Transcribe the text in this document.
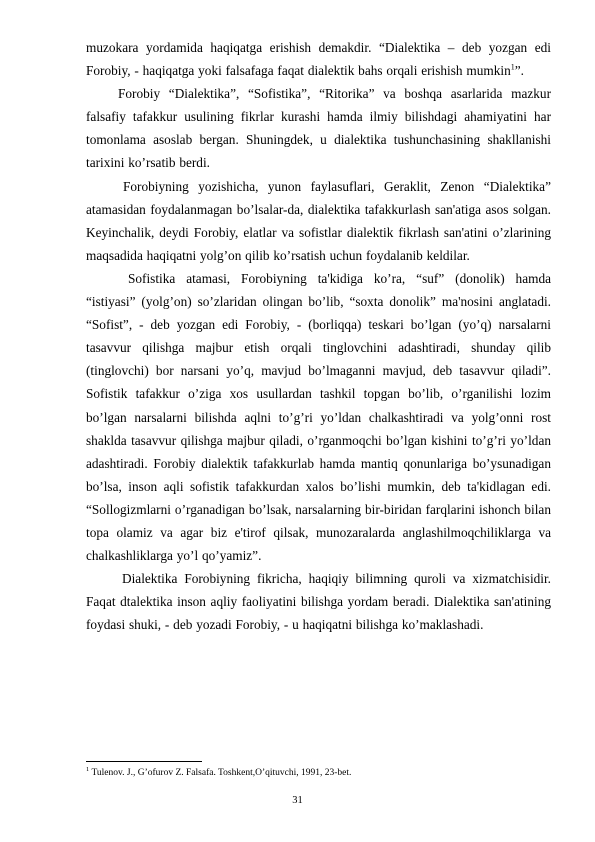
muzokara yordamida haqiqatga erishish demakdir. “Dialektika – deb yozgan edi Forobiy, - haqiqatga yoki falsafaga faqat dialektik bahs orqali erishish mumkin$^1$”.

Forobiy “Dialektika”, “Sofistika”, “Ritorika” va boshqa asarlarida mazkur falsafiy tafakkur usulining fikrlar kurashi hamda ilmiy bilishdagi ahamiyatini har tomonlama asoslab bergan. Shuningdek, u dialektika tushunchasining shakllanishi tarixini ko’rsatib berdi.

Forobiyning yozishicha, yunon faylasuflari, Geraklit, Zenon “Dialektika” atamasidan foydalanmagan bo’lsalar-da, dialektika tafakkurlash san'atiga asos solgan. Keyinchalik, deydi Forobiy, elatlar va sofistlar dialektik fikrlash san'atini o’zlarining maqsadida haqiqatni yolg’on qilib ko’rsatish uchun foydalanib keldilar.

Sofistika atamasi, Forobiyning ta'kidiga ko’ra, “suf” (donolik) hamda “istiyasi” (yolg’on) so’zlaridan olingan bo’lib, “soxta donolik” ma'nosini anglatadi. “Sofist”, - deb yozgan edi Forobiy, - (borliqqa) teskari bo’lgan (yo’q) narsalarni tasavvur qilishga majbur etish orqali tinglovchini adashtiradi, shunday qilib (tinglovchi) bor narsani yo’q, mavjud bo’lmaganni mavjud, deb tasavvur qiladi”. Sofistik tafakkur o’ziga xos usullardan tashkil topgan bo’lib, o’rganilishi lozim bo’lgan narsalarni bilishda aqlni to’g’ri yo’ldan chalkashtiradi va yolg’onni rost shaklda tasavvur qilishga majbur qiladi, o’rganmoqchi bo’lgan kishini to’g’ri yo’ldan adashtiradi. Forobiy dialektik tafakkurlab hamda mantiq qonunlariga bo’ysunadigan bo’lsa, inson aqli sofistik tafakkurdan xalos bo’lishi mumkin, deb ta'kidlagan edi. “Sollogizmlarni o’rganadigan bo’lsak, narsalarning bir-biridan farqlarini ishonch bilan topa olamiz va agar biz e'tirof qilsak, munozaralarda anglashilmoqchiliklarga va chalkashliklarga yo’l qo’yamiz”.

Dialektika Forobiyning fikricha, haqiqiy bilimning quroli va xizmatchisidir. Faqat dtalektika inson aqliy faoliyatini bilishga yordam beradi. Dialektika san'atining foydasi shuki, - deb yozadi Forobiy, - u haqiqatni bilishga ko’maklashadi.

$^1$ Tulenov. J., G’ofurov Z. Falsafa. Toshkent,O’qituvchi, 1991, 23-bet.
31
